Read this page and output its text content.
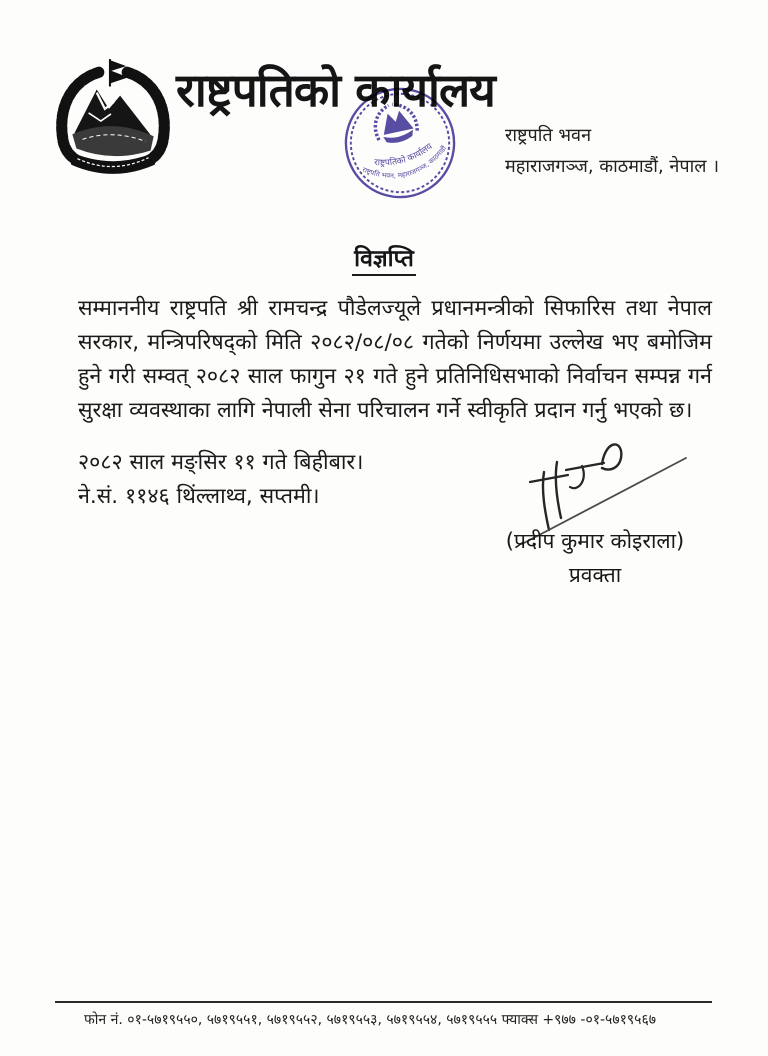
राष्ट्रपतिको कार्यालय
राष्ट्रपतिको कार्यालय
राष्ट्रपति भवन, महाराजगञ्ज, काठमाडौं
राष्ट्रपति भवन
महाराजगञ्ज, काठमाडौं, नेपाल ।
विज्ञप्ति
सम्माननीय राष्ट्रपति श्री रामचन्द्र पौडेलज्यूले प्रधानमन्त्रीको सिफारिस तथा नेपाल
सरकार, मन्त्रिपरिषद्को मिति २०८२/०८/०८ गतेको निर्णयमा उल्लेख भए बमोजिम
हुने गरी सम्वत् २०८२ साल फागुन २१ गते हुने प्रतिनिधिसभाको निर्वाचन सम्पन्न गर्न
सुरक्षा व्यवस्थाका लागि नेपाली सेना परिचालन गर्ने स्वीकृति प्रदान गर्नु भएको छ।
२०८२ साल मङ्सिर ११ गते बिहीबार।
ने.सं. ११४६ थिंल्लाथ्व, सप्तमी।
(प्रदीप कुमार कोइराला)
प्रवक्ता
फोन नं. ०१-५७१९५५०, ५७१९५५१, ५७१९५५२, ५७१९५५३, ५७१९५५४, ५७१९५५५ फ्याक्स +९७७ -०१-५७१९५६७
